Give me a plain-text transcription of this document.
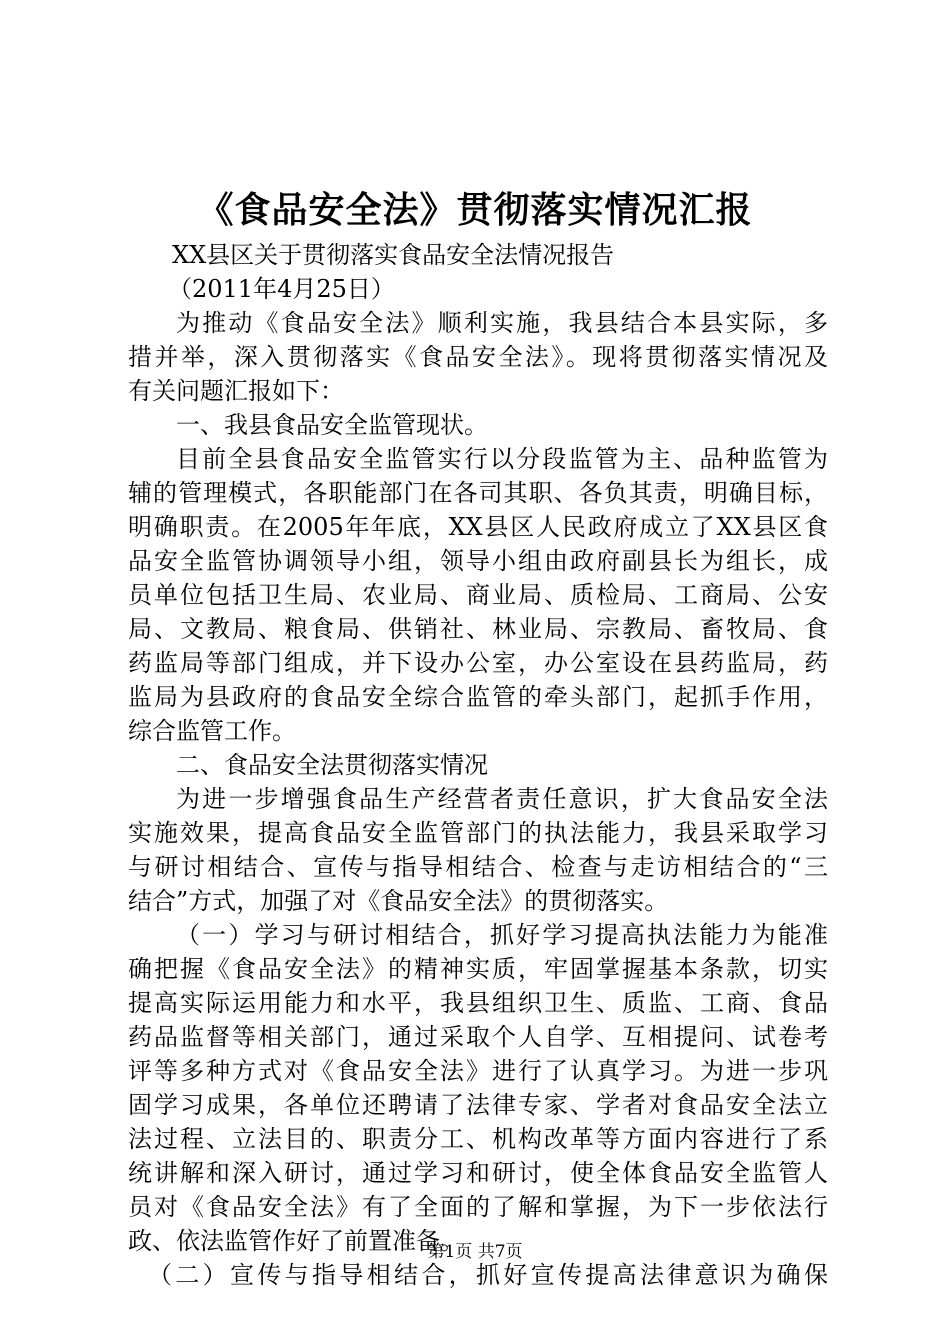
《食品安全法》贯彻落实情况汇报
XX县区关于贯彻落实食品安全法情况报告
（2011年4月25日）
为推动《食品安全法》顺利实施，我县结合本县实际，多
措并举，深入贯彻落实《食品安全法》。现将贯彻落实情况及
有关问题汇报如下：
一、我县食品安全监管现状。
目前全县食品安全监管实行以分段监管为主、品种监管为
辅的管理模式，各职能部门在各司其职、各负其责，明确目标，
明确职责。在2005年年底，XX县区人民政府成立了XX县区食
品安全监管协调领导小组，领导小组由政府副县长为组长，成
员单位包括卫生局、农业局、商业局、质检局、工商局、公安
局、文教局、粮食局、供销社、林业局、宗教局、畜牧局、食
药监局等部门组成，并下设办公室，办公室设在县药监局，药
监局为县政府的食品安全综合监管的牵头部门，起抓手作用，
综合监管工作。
二、食品安全法贯彻落实情况
为进一步增强食品生产经营者责任意识，扩大食品安全法
实施效果，提高食品安全监管部门的执法能力，我县采取学习
与研讨相结合、宣传与指导相结合、检查与走访相结合的“三
结合”方式，加强了对《食品安全法》的贯彻落实。
（一）学习与研讨相结合，抓好学习提高执法能力为能准
确把握《食品安全法》的精神实质，牢固掌握基本条款，切实
提高实际运用能力和水平，我县组织卫生、质监、工商、食品
药品监督等相关部门，通过采取个人自学、互相提问、试卷考
评等多种方式对《食品安全法》进行了认真学习。为进一步巩
固学习成果，各单位还聘请了法律专家、学者对食品安全法立
法过程、立法目的、职责分工、机构改革等方面内容进行了系
统讲解和深入研讨，通过学习和研讨，使全体食品安全监管人
员对《食品安全法》有了全面的了解和掌握，为下一步依法行
政、依法监管作好了前置准备。
（二）宣传与指导相结合，抓好宣传提高法律意识为确保
第1页 共7页
